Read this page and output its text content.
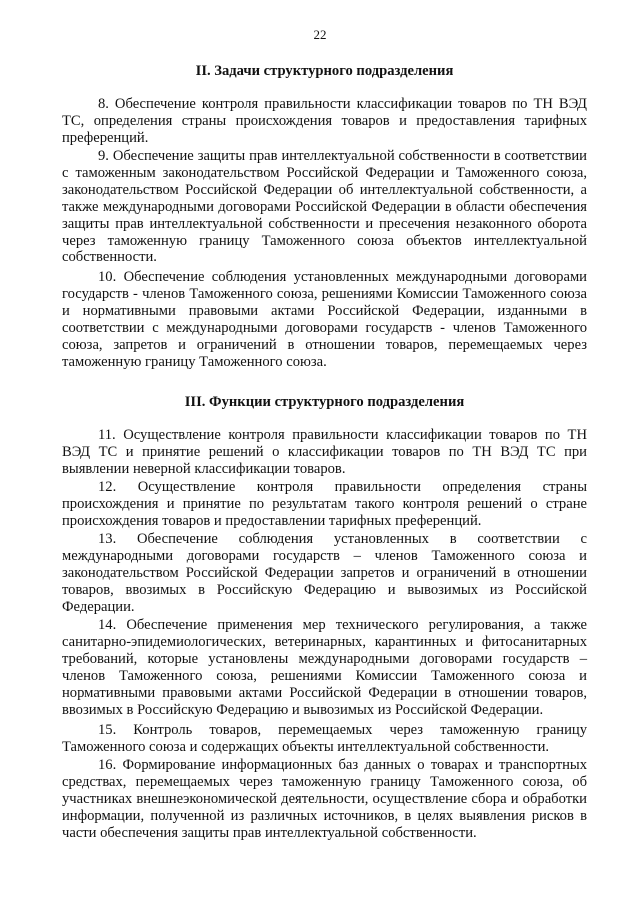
22
II. Задачи структурного подразделения

8. Обеспечение контроля правильности классификации товаров по ТН ВЭД ТС, определения страны происхождения товаров и предоставления тарифных преференций.

9. Обеспечение защиты прав интеллектуальной собственности в соответствии с таможенным законодательством Российской Федерации и Таможенного союза, законодательством Российской Федерации об интеллектуальной собственности, а также международными договорами Российской Федерации в области обеспечения защиты прав интеллектуальной собственности и пресечения незаконного оборота через таможенную границу Таможенного союза объектов интеллектуальной собственности.

10. Обеспечение соблюдения установленных международными договорами государств - членов Таможенного союза, решениями Комиссии Таможенного союза и нормативными правовыми актами Российской Федерации, изданными в соответствии с международными договорами государств - членов Таможенного союза, запретов и ограничений в отношении товаров, перемещаемых через таможенную границу Таможенного союза.

III. Функции структурного подразделения

11. Осуществление контроля правильности классификации товаров по ТН ВЭД ТС и принятие решений о классификации товаров по ТН ВЭД ТС при выявлении неверной классификации товаров.

12. Осуществление контроля правильности определения страны происхождения и принятие по результатам такого контроля решений о стране происхождения товаров и предоставлении тарифных преференций.

13. Обеспечение соблюдения установленных в соответствии с международными договорами государств – членов Таможенного союза и законодательством Российской Федерации запретов и ограничений в отношении товаров, ввозимых в Российскую Федерацию и вывозимых из Российской Федерации.

14. Обеспечение применения мер технического регулирования, а также санитарно-эпидемиологических, ветеринарных, карантинных и фитосанитарных требований, которые установлены международными договорами государств – членов Таможенного союза, решениями Комиссии Таможенного союза и нормативными правовыми актами Российской Федерации в отношении товаров, ввозимых в Российскую Федерацию и вывозимых из Российской Федерации.

15. Контроль товаров, перемещаемых через таможенную границу Таможенного союза и содержащих объекты интеллектуальной собственности.

16. Формирование информационных баз данных о товарах и транспортных средствах, перемещаемых через таможенную границу Таможенного союза, об участниках внешнеэкономической деятельности, осуществление сбора и обработки информации, полученной из различных источников, в целях выявления рисков в части обеспечения защиты прав интеллектуальной собственности.
